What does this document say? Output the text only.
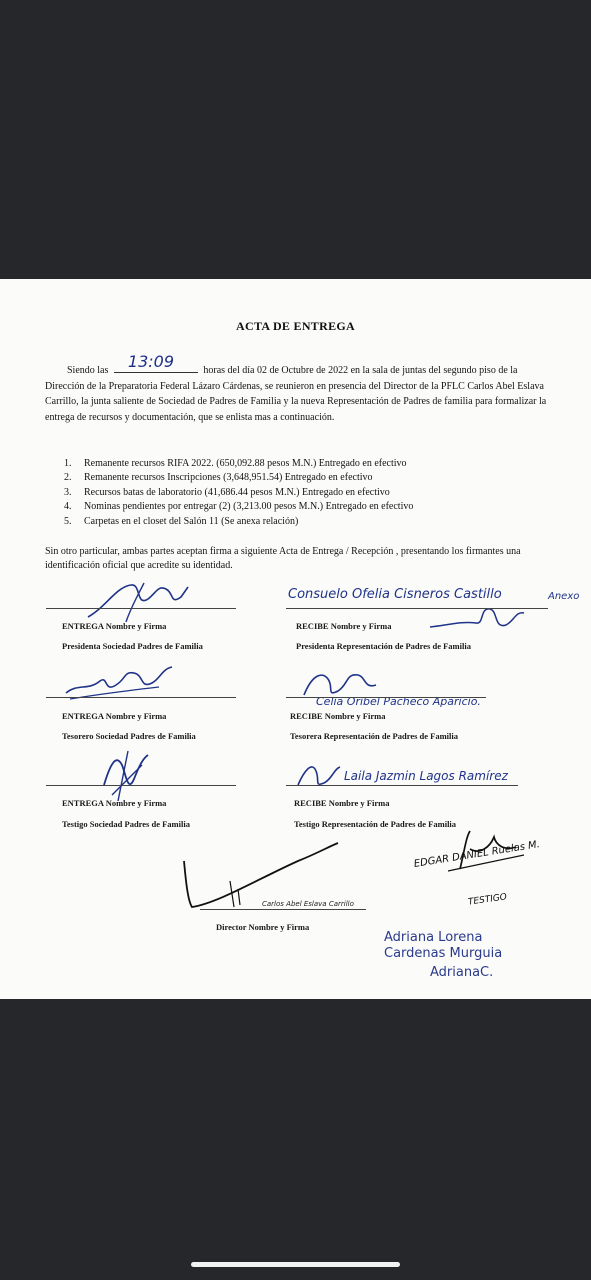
ACTA DE ENTREGA
Siendo las 13:09	horas del día 02 de Octubre de 2022 en la sala de juntas del segundo piso de la Dirección de la Preparatoria Federal Lázaro Cárdenas, se reunieron en presencia del Director de la PFLC Carlos Abel Eslava Carrillo, la junta saliente de Sociedad de Padres de Familia y la nueva Representación de Padres de familia para formalizar la entrega de recursos y documentación, que se enlista mas a continuación.
1. Remanente recursos RIFA 2022. (650,092.88 pesos M.N.) Entregado en efectivo
2. Remanente recursos Inscripciones (3,648,951.54) Entregado en efectivo
3. Recursos batas de laboratorio (41,686.44 pesos M.N.) Entregado en efectivo
4. Nominas pendientes por entregar (2) (3,213.00 pesos M.N.) Entregado en efectivo
5. Carpetas en el closet del Salón 11 (Se anexa relación)
Sin otro particular, ambas partes aceptan firma a siguiente Acta de Entrega / Recepción , presentando los firmantes una identificación oficial que acredite su identidad.
ENTREGA Nombre y Firma
Presidenta Sociedad Padres de Familia
Consuelo Ofelia Cisneros Castillo	Anexo
RECIBE Nombre y Firma
Presidenta Representación de Padres de Familia
ENTREGA Nombre y Firma
Tesorero Sociedad Padres de Familia
Celia Oribel Pacheco Aparicio.
RECIBE Nombre y Firma
Tesorera Representación de Padres de Familia
ENTREGA Nombre y Firma
Testigo Sociedad Padres de Familia
Laila Jazmin Lagos Ramírez
RECIBE Nombre y Firma
Testigo Representación de Padres de Familia
EDGAR DANIEL Ruelas M.
TESTIGO
Carlos Abel Eslava Carrillo
Director Nombre y Firma
Adriana Lorena
Cardenas Murguia
AdrianaC.
